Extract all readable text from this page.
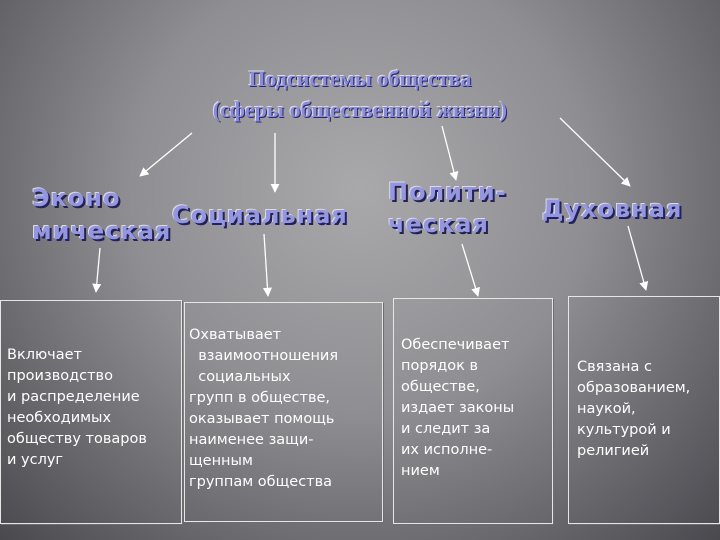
Подсистемы общества
(сферы общественной жизни)
Эконо
мическая
Социальная
Полити-
ческая
Духовная
Включает
производство
и распределение
необходимых
обществу товаров
и услуг
Охватывает
взаимоотношения
социальных
групп в обществе,
оказывает помощь
наименее защи-
щенным
группам общества
Обеспечивает
порядок в
обществе,
издает законы
и следит за
их исполне-
нием
Связана с
образованием,
наукой,
культурой и
религией
